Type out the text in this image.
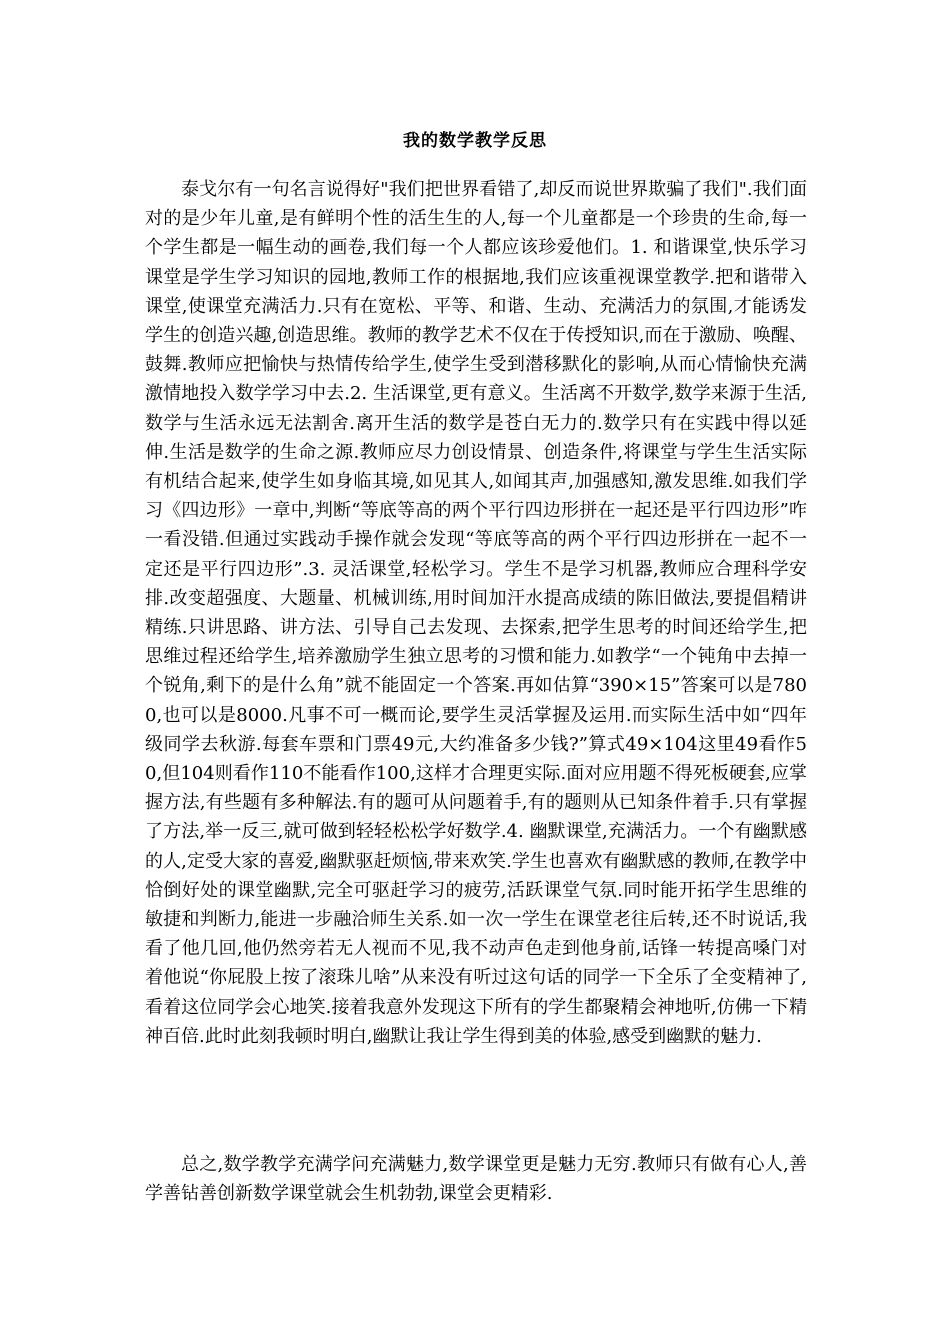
我的数学教学反思

泰戈尔有一句名言说得好"我们把世界看错了,却反而说世界欺骗了我们".我们面对的是少年儿童,是有鲜明个性的活生生的人,每一个儿童都是一个珍贵的生命,每一个学生都是一幅生动的画卷,我们每一个人都应该珍爱他们。1. 和谐课堂,快乐学习课堂是学生学习知识的园地,教师工作的根据地,我们应该重视课堂教学.把和谐带入课堂,使课堂充满活力.只有在宽松、平等、和谐、生动、充满活力的氛围,才能诱发学生的创造兴趣,创造思维。教师的教学艺术不仅在于传授知识,而在于激励、唤醒、鼓舞.教师应把愉快与热情传给学生,使学生受到潜移默化的影响,从而心情愉快充满激情地投入数学学习中去.2. 生活课堂,更有意义。生活离不开数学,数学来源于生活,数学与生活永远无法割舍.离开生活的数学是苍白无力的.数学只有在实践中得以延伸.生活是数学的生命之源.教师应尽力创设情景、创造条件,将课堂与学生生活实际有机结合起来,使学生如身临其境,如见其人,如闻其声,加强感知,激发思维.如我们学习《四边形》一章中,判断“等底等高的两个平行四边形拼在一起还是平行四边形”咋一看没错.但通过实践动手操作就会发现“等底等高的两个平行四边形拼在一起不一定还是平行四边形”.3. 灵活课堂,轻松学习。学生不是学习机器,教师应合理科学安排.改变超强度、大题量、机械训练,用时间加汗水提高成绩的陈旧做法,要提倡精讲精练.只讲思路、讲方法、引导自己去发现、去探索,把学生思考的时间还给学生,把思维过程还给学生,培养激励学生独立思考的习惯和能力.如教学“一个钝角中去掉一个锐角,剩下的是什么角”就不能固定一个答案.再如估算“390×15”答案可以是7800,也可以是8000.凡事不可一概而论,要学生灵活掌握及运用.而实际生活中如“四年级同学去秋游.每套车票和门票49元,大约准备多少钱?”算式49×104这里49看作50,但104则看作110不能看作100,这样才合理更实际.面对应用题不得死板硬套,应掌握方法,有些题有多种解法.有的题可从问题着手,有的题则从已知条件着手.只有掌握了方法,举一反三,就可做到轻轻松松学好数学.4. 幽默课堂,充满活力。一个有幽默感的人,定受大家的喜爱,幽默驱赶烦恼,带来欢笑.学生也喜欢有幽默感的教师,在教学中恰倒好处的课堂幽默,完全可驱赶学习的疲劳,活跃课堂气氛.同时能开拓学生思维的敏捷和判断力,能进一步融洽师生关系.如一次一学生在课堂老往后转,还不时说话,我看了他几回,他仍然旁若无人视而不见,我不动声色走到他身前,话锋一转提高嗓门对着他说“你屁股上按了滚珠儿啥”从来没有听过这句话的同学一下全乐了全变精神了,看着这位同学会心地笑.接着我意外发现这下所有的学生都聚精会神地听,仿佛一下精神百倍.此时此刻我顿时明白,幽默让我让学生得到美的体验,感受到幽默的魅力.

总之,数学教学充满学问充满魅力,数学课堂更是魅力无穷.教师只有做有心人,善学善钻善创新数学课堂就会生机勃勃,课堂会更精彩.
